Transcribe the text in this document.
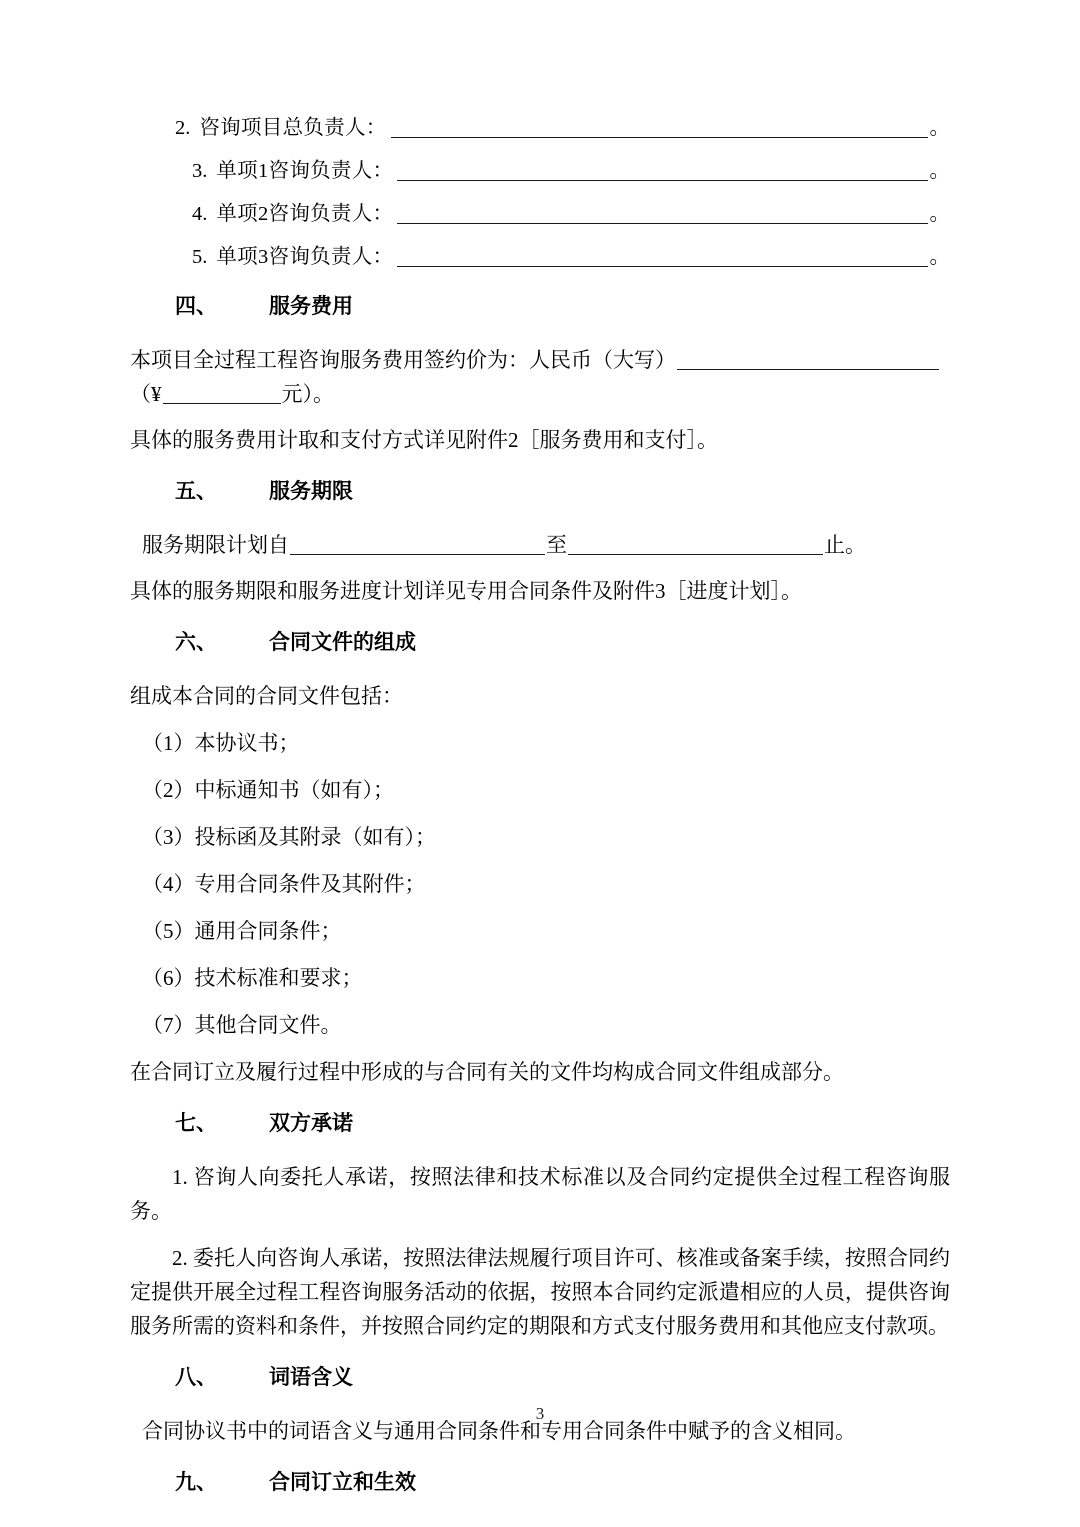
2. 咨询项目总负责人：	。
3. 单项1咨询负责人：	。
4. 单项2咨询负责人：	。
5. 单项3咨询负责人：	。
四、 服务费用

本项目全过程工程咨询服务费用签约价为：人民币（大写）
（¥	元）。

具体的服务费用计取和支付方式详见附件2［服务费用和支付］。

五、 服务期限

服务期限计划自	至	止。

具体的服务期限和服务进度计划详见专用合同条件及附件3［进度计划］。

六、 合同文件的组成

组成本合同的合同文件包括：

（1）本协议书；

（2）中标通知书（如有）；

（3）投标函及其附录（如有）；

（4）专用合同条件及其附件；

（5）通用合同条件；

（6）技术标准和要求；

（7）其他合同文件。

在合同订立及履行过程中形成的与合同有关的文件均构成合同文件组成部分。

七、 双方承诺

1. 咨询人向委托人承诺，按照法律和技术标准以及合同约定提供全过程工程咨询服务。

2. 委托人向咨询人承诺，按照法律法规履行项目许可、核准或备案手续，按照合同约定提供开展全过程工程咨询服务活动的依据，按照本合同约定派遣相应的人员，提供咨询服务所需的资料和条件，并按照合同约定的期限和方式支付服务费用和其他应支付款项。

八、 词语含义

合同协议书中的词语含义与通用合同条件和专用合同条件中赋予的含义相同。

九、 合同订立和生效
3
